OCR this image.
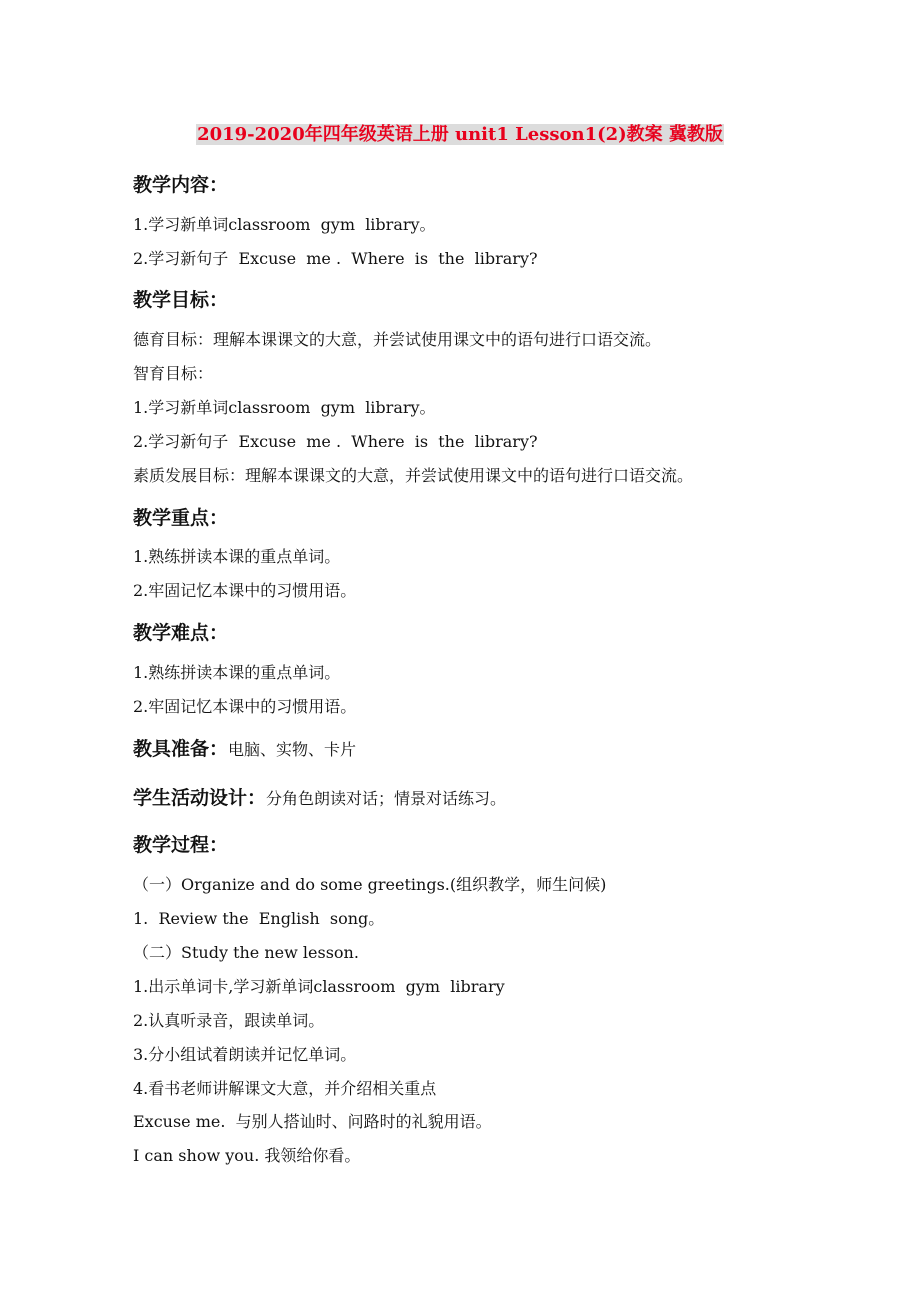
2019-2020年四年级英语上册 unit1 Lesson1(2)教案 冀教版
教学内容：
1.学习新单词classroom  gym  library。
2.学习新句子  Excuse  me .  Where  is  the  library?
教学目标：
德育目标：理解本课课文的大意，并尝试使用课文中的语句进行口语交流。
智育目标：
1.学习新单词classroom  gym  library。
2.学习新句子  Excuse  me .  Where  is  the  library?
素质发展目标：理解本课课文的大意，并尝试使用课文中的语句进行口语交流。
教学重点：
1.熟练拼读本课的重点单词。
2.牢固记忆本课中的习惯用语。
教学难点：
1.熟练拼读本课的重点单词。
2.牢固记忆本课中的习惯用语。
教具准备：电脑、实物、卡片
学生活动设计：分角色朗读对话；情景对话练习。
教学过程：
（一）Organize and do some greetings.(组织教学，师生问候)
1.  Review the  English  song。
（二）Study the new lesson.
1.出示单词卡,学习新单词classroom  gym  library
2.认真听录音，跟读单词。
3.分小组试着朗读并记忆单词。
4.看书老师讲解课文大意，并介绍相关重点
Excuse me.  与别人搭讪时、问路时的礼貌用语。
I can show you. 我领给你看。
